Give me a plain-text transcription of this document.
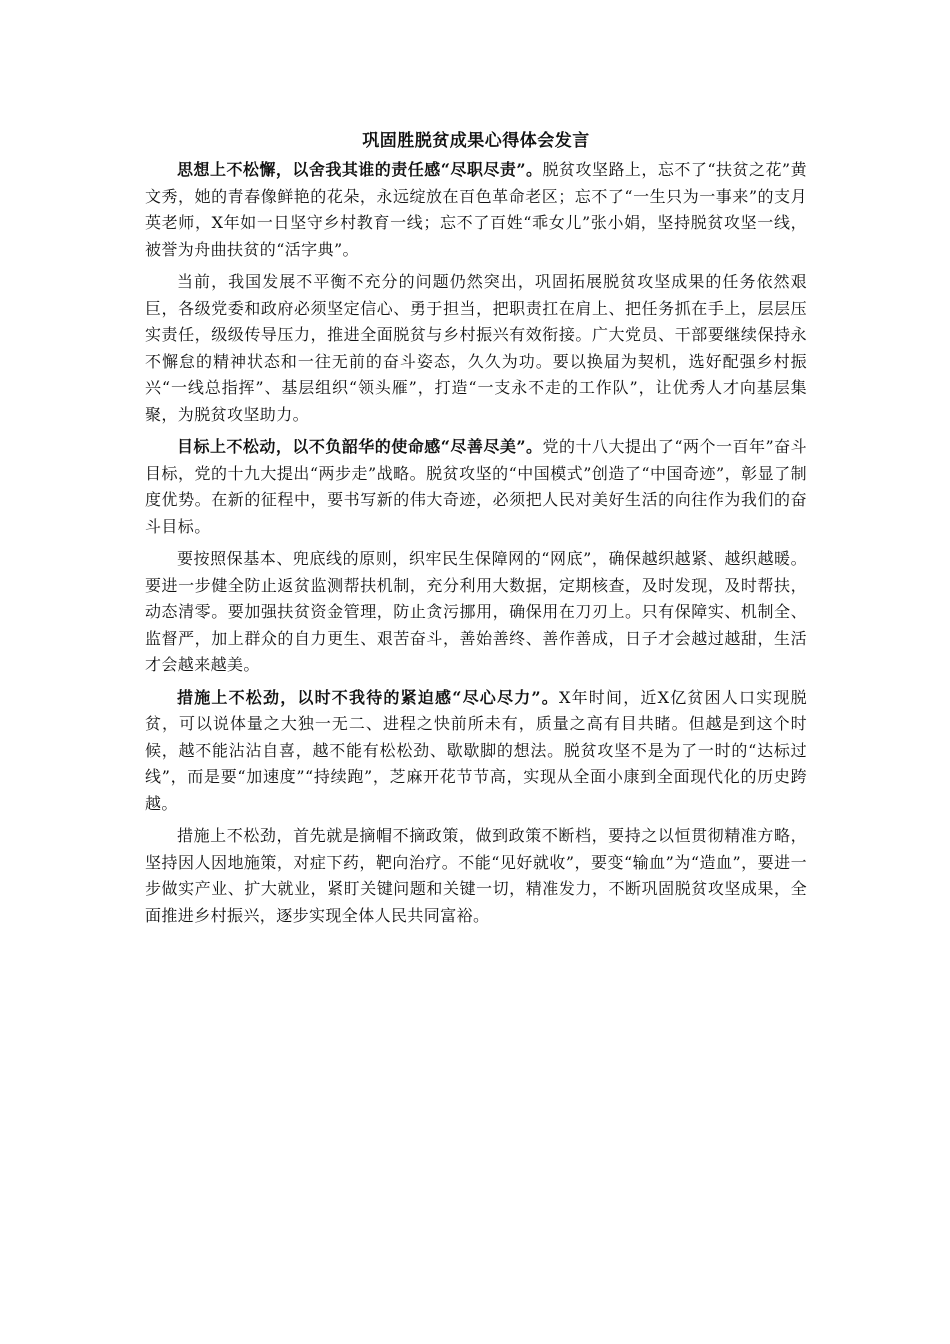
巩固胜脱贫成果心得体会发言

思想上不松懈，以舍我其谁的责任感“尽职尽责”。脱贫攻坚路上，忘不了“扶贫之花”黄文秀，她的青春像鲜艳的花朵，永远绽放在百色革命老区；忘不了“一生只为一事来”的支月英老师，X年如一日坚守乡村教育一线；忘不了百姓“乖女儿”张小娟，坚持脱贫攻坚一线，被誉为舟曲扶贫的“活字典”。

当前，我国发展不平衡不充分的问题仍然突出，巩固拓展脱贫攻坚成果的任务依然艰巨，各级党委和政府必须坚定信心、勇于担当，把职责扛在肩上、把任务抓在手上，层层压实责任，级级传导压力，推进全面脱贫与乡村振兴有效衔接。广大党员、干部要继续保持永不懈怠的精神状态和一往无前的奋斗姿态，久久为功。要以换届为契机，选好配强乡村振兴“一线总指挥”、基层组织“领头雁”，打造“一支永不走的工作队”，让优秀人才向基层集聚，为脱贫攻坚助力。

目标上不松动，以不负韶华的使命感“尽善尽美”。党的十八大提出了“两个一百年”奋斗目标，党的十九大提出“两步走”战略。脱贫攻坚的“中国模式”创造了“中国奇迹”，彰显了制度优势。在新的征程中，要书写新的伟大奇迹，必须把人民对美好生活的向往作为我们的奋斗目标。

要按照保基本、兜底线的原则，织牢民生保障网的“网底”，确保越织越紧、越织越暖。要进一步健全防止返贫监测帮扶机制，充分利用大数据，定期核查，及时发现，及时帮扶，动态清零。要加强扶贫资金管理，防止贪污挪用，确保用在刀刃上。只有保障实、机制全、监督严，加上群众的自力更生、艰苦奋斗，善始善终、善作善成，日子才会越过越甜，生活才会越来越美。

措施上不松劲，以时不我待的紧迫感“尽心尽力”。X年时间，近X亿贫困人口实现脱贫，可以说体量之大独一无二、进程之快前所未有，质量之高有目共睹。但越是到这个时候，越不能沾沾自喜，越不能有松松劲、歇歇脚的想法。脱贫攻坚不是为了一时的“达标过线”，而是要“加速度”“持续跑”，芝麻开花节节高，实现从全面小康到全面现代化的历史跨越。

措施上不松劲，首先就是摘帽不摘政策，做到政策不断档，要持之以恒贯彻精准方略，坚持因人因地施策，对症下药，靶向治疗。不能“见好就收”，要变“输血”为“造血”，要进一步做实产业、扩大就业，紧盯关键问题和关键一切，精准发力，不断巩固脱贫攻坚成果，全面推进乡村振兴，逐步实现全体人民共同富裕。
